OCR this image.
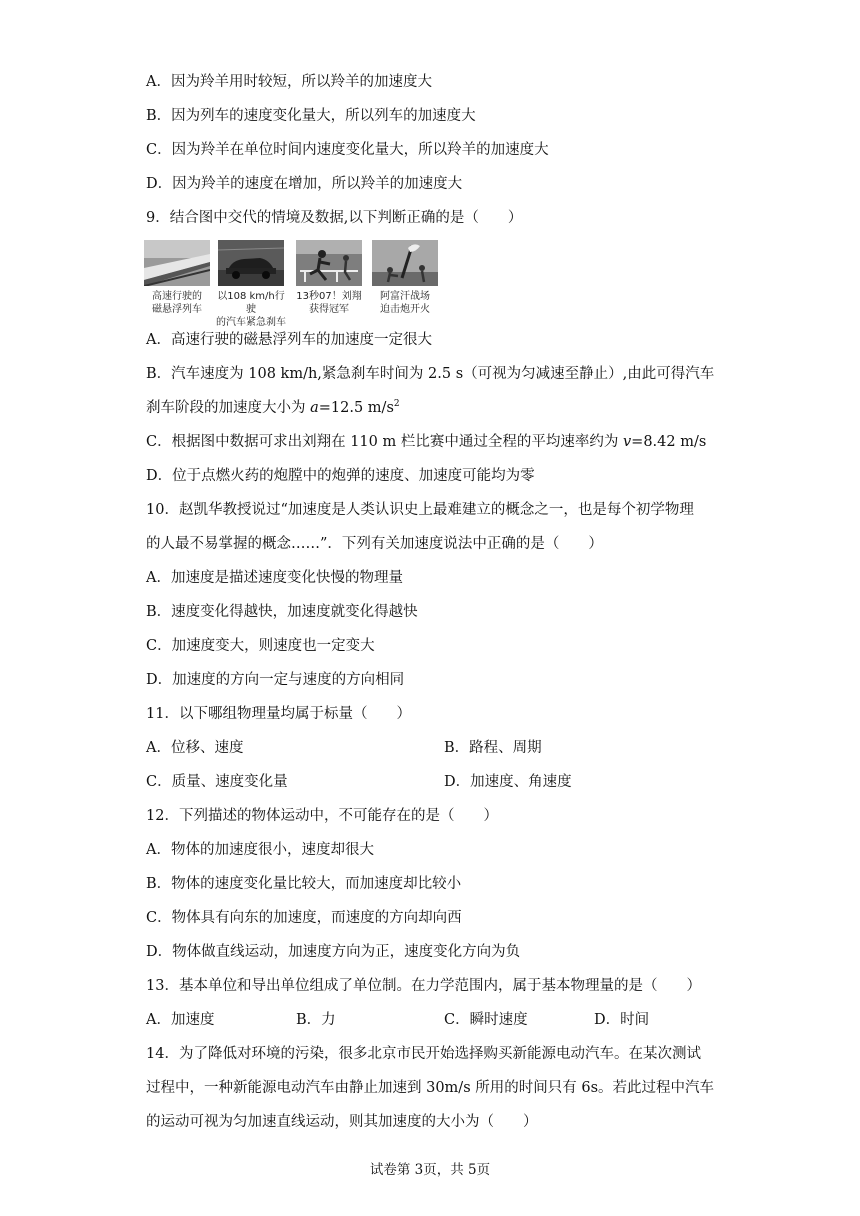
A．因为羚羊用时较短，所以羚羊的加速度大
B．因为列车的速度变化量大，所以列车的加速度大
C．因为羚羊在单位时间内速度变化量大，所以羚羊的加速度大
D．因为羚羊的速度在增加，所以羚羊的加速度大
9．结合图中交代的情境及数据,以下判断正确的是（　　）
高速行驶的
磁悬浮列车
以108 km/h行驶
的汽车紧急刹车
13秒07！刘翔
获得冠军
阿富汗战场
迫击炮开火
A．高速行驶的磁悬浮列车的加速度一定很大
B．汽车速度为 108 km/h,紧急刹车时间为 2.5 s（可视为匀减速至静止）,由此可得汽车
刹车阶段的加速度大小为 a=12.5 $m/s^2$
C．根据图中数据可求出刘翔在 110 m 栏比赛中通过全程的平均速率约为 v=8.42 m/s
D．位于点燃火药的炮膛中的炮弹的速度、加速度可能均为零
10．赵凯华教授说过“加速度是人类认识史上最难建立的概念之一，也是每个初学物理
的人最不易掌握的概念……”．下列有关加速度说法中正确的是（　　）
A．加速度是描述速度变化快慢的物理量
B．速度变化得越快，加速度就变化得越快
C．加速度变大，则速度也一定变大
D．加速度的方向一定与速度的方向相同
11．以下哪组物理量均属于标量（　　）
A．位移、速度	B．路程、周期
C．质量、速度变化量	D．加速度、角速度
12．下列描述的物体运动中，不可能存在的是（　　）
A．物体的加速度很小，速度却很大
B．物体的速度变化量比较大，而加速度却比较小
C．物体具有向东的加速度，而速度的方向却向西
D．物体做直线运动，加速度方向为正，速度变化方向为负
13．基本单位和导出单位组成了单位制。在力学范围内，属于基本物理量的是（　　）
A．加速度	B．力	C．瞬时速度	D．时间
14．为了降低对环境的污染，很多北京市民开始选择购买新能源电动汽车。在某次测试
过程中，一种新能源电动汽车由静止加速到 30m/s 所用的时间只有 6s。若此过程中汽车
的运动可视为匀加速直线运动，则其加速度的大小为（　　）
试卷第 3页，共 5页
